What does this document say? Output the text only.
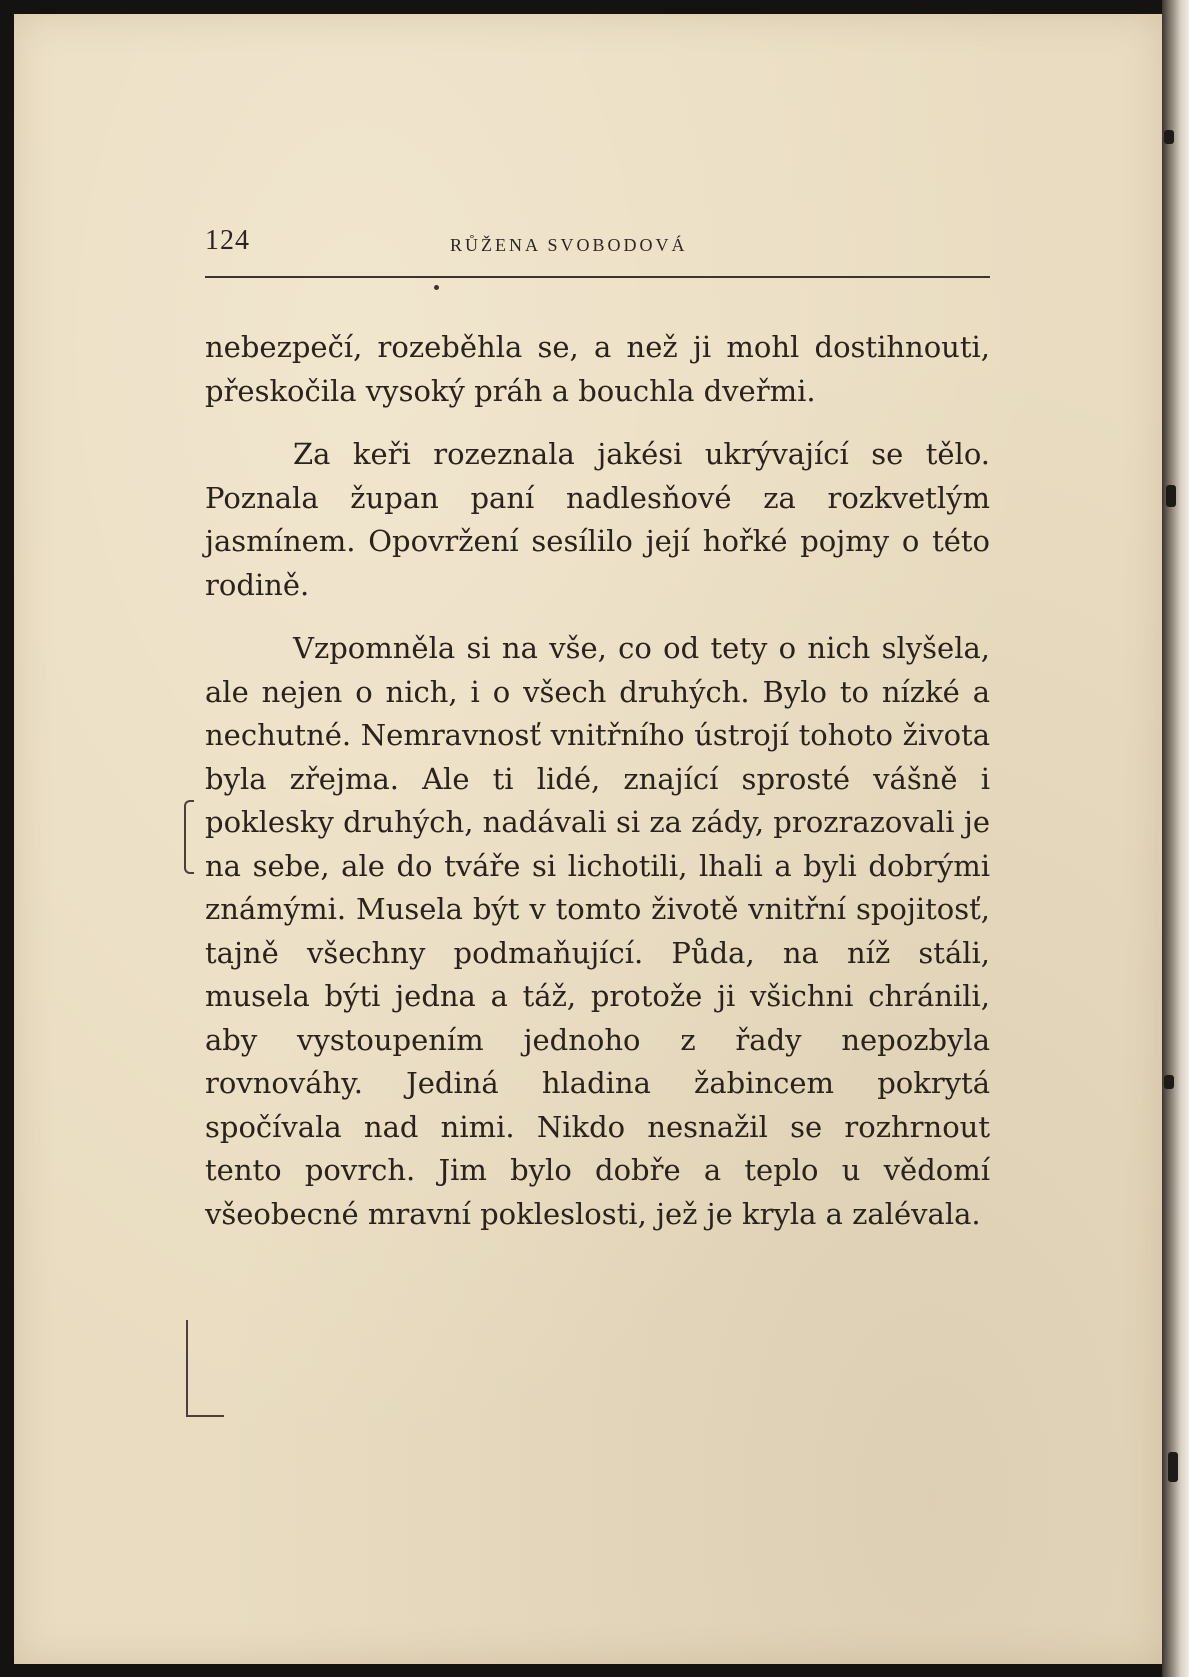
124	RŮŽENA SVOBODOVÁ

nebezpečí, rozeběhla se, a než ji mohl dostihnouti, přeskočila vysoký práh a bouchla dveřmi.

Za keři rozeznala jakési ukrývající se tělo. Poznala župan paní nadlesňové za rozkvetlým jasmínem. Opovržení sesílilo její hořké pojmy o této rodině.

Vzpomněla si na vše, co od tety o nich slyšela, ale nejen o nich, i o všech druhých. Bylo to nízké a nechutné. Nemravnosť vnitřního ústrojí tohoto života byla zřejma. Ale ti lidé, znající sprosté vášně i poklesky druhých, nadávali si za zády, prozrazovali je na sebe, ale do tváře si lichotili, lhali a byli dobrými známými. Musela být v tomto životě vnitřní spojitosť, tajně všechny podmaňující. Půda, na níž stáli, musela býti jedna a táž, protože ji všichni chránili, aby vystoupením jednoho z řady nepozbyla rovnováhy. Jediná hladina žabincem pokrytá spočívala nad nimi. Nikdo nesnažil se rozhrnout tento povrch. Jim bylo dobře a teplo u vědomí všeobecné mravní pokleslosti, jež je kryla a zalévala.
